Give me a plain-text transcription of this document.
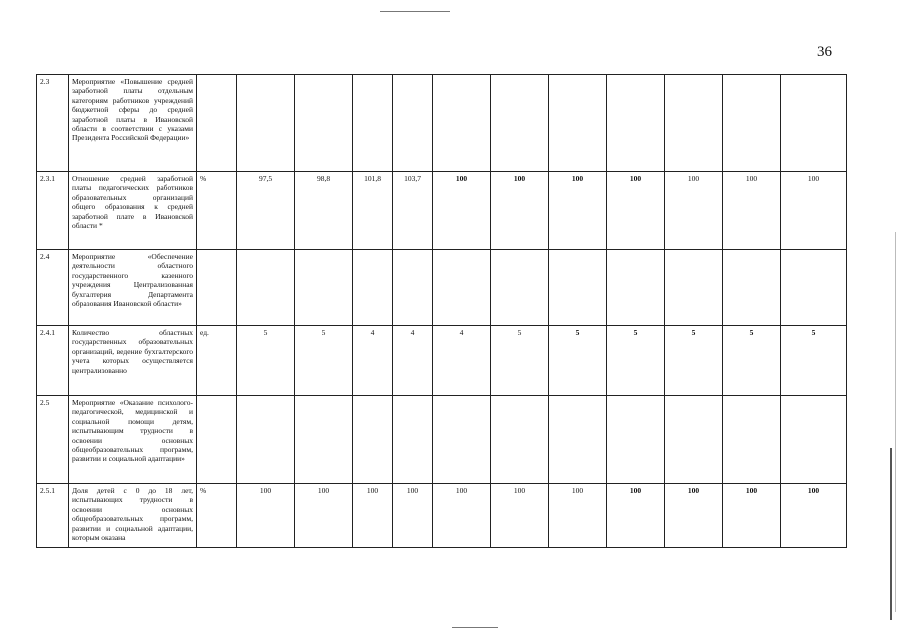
36
2.3	Мероприятие «Повышение средней заработной платы отдельным категориям работников учреждений бюджетной сферы до средней заработной платы в Ивановской области в соответствии с указами Президента Российской Федерации»												
2.3.1	Отношение средней заработной платы педагогических работников образовательных организаций общего образования к средней заработной плате в Ивановской области *	%	97,5	98,8	101,8	103,7	100	100	100	100	100	100	100
2.4	Мероприятие «Обеспечение деятельности областного государственного казенного учреждения Централизованная бухгалтерия Департамента образования Ивановской области»												
2.4.1	Количество областных государственных образовательных организаций, ведение бухгалтерского учета которых осуществляется централизованно	ед.	5	5	4	4	4	5	5	5	5	5	5
2.5	Мероприятие «Оказание психолого-педагогической, медицинской и социальной помощи детям, испытывающим трудности в освоении основных общеобразовательных программ, развитии и социальной адаптации»												
2.5.1	Доля детей с 0 до 18 лет, испытывающих трудности в освоении основных общеобразовательных программ, развитии и социальной адаптации, которым оказана	%	100	100	100	100	100	100	100	100	100	100	100
